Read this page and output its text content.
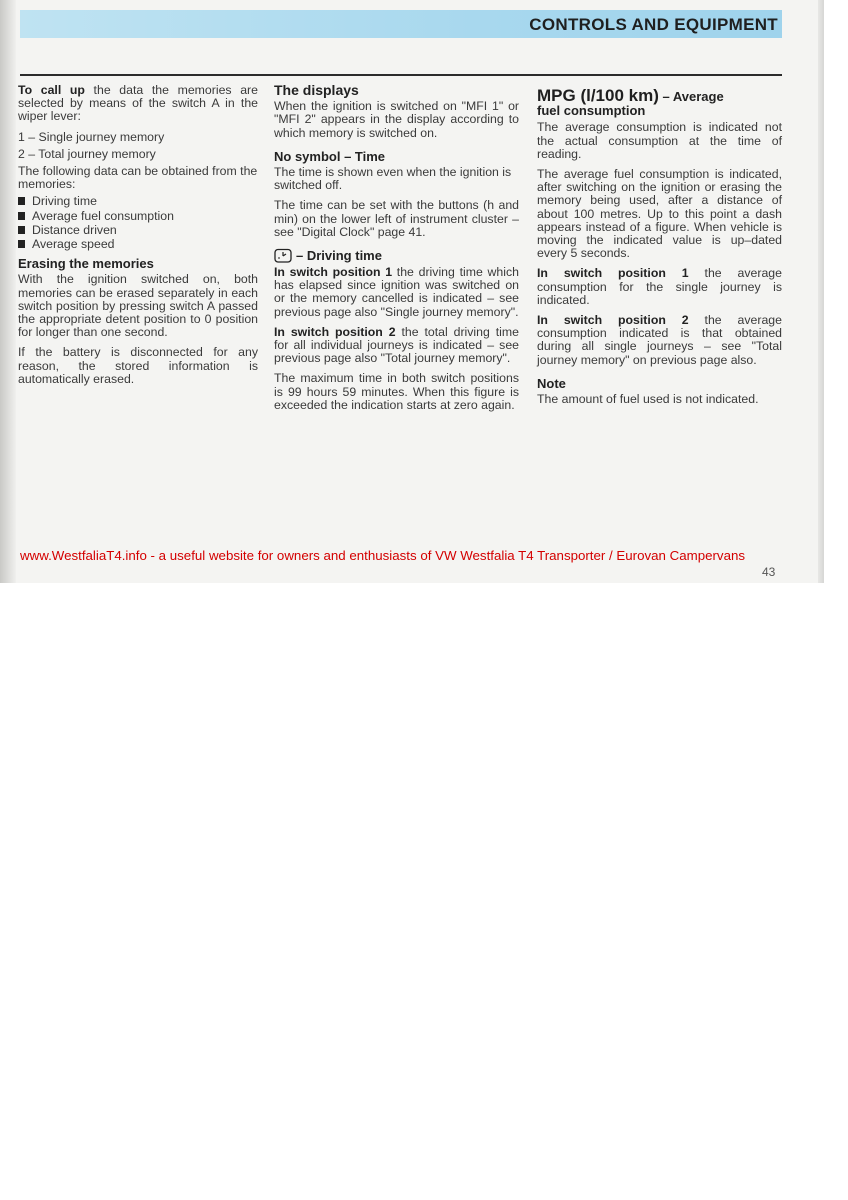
CONTROLS AND EQUIPMENT

To call up the data the memories are selected by means of the switch A in the wiper lever:

1 – Single journey memory
2 – Total journey memory

The following data can be obtained from the memories:

Driving time
Average fuel consumption
Distance driven
Average speed
Erasing the memories

With the ignition switched on, both memories can be erased separately in each switch position by pressing switch A passed the appropriate detent position to 0 position for longer than one second.

If the battery is disconnected for any reason, the stored information is automatically erased.

The displays

When the ignition is switched on "MFI 1" or "MFI 2" appears in the display according to which memory is switched on.

No symbol – Time

The time is shown even when the ignition is switched off.

The time can be set with the buttons (h and min) on the lower left of instrument cluster – see "Digital Clock" page 41.

– Driving time

In switch position 1 the driving time which has elapsed since ignition was switched on or the memory cancelled is indicated – see previous page also "Single journey memory".

In switch position 2 the total driving time for all individual journeys is indicated – see previous page also "Total journey memory".

The maximum time in both switch positions is 99 hours 59 minutes. When this figure is exceeded the indication starts at zero again.

MPG (l/100 km) – Average
fuel consumption

The average consumption is indicated not the actual consumption at the time of reading.

The average fuel consumption is indicated, after switching on the ignition or erasing the memory being used, after a distance of about 100 metres. Up to this point a dash appears instead of a figure. When vehicle is moving the indicated value is up–dated every 5 seconds.

In switch position 1 the average consumption for the single journey is indicated.

In switch position 2 the average consumption indicated is that obtained during all single journeys – see "Total journey memory" on previous page also.

Note

The amount of fuel used is not indicated.

www.WestfaliaT4.info - a useful website for owners and enthusiasts of VW Westfalia T4 Transporter / Eurovan Campervans
43
